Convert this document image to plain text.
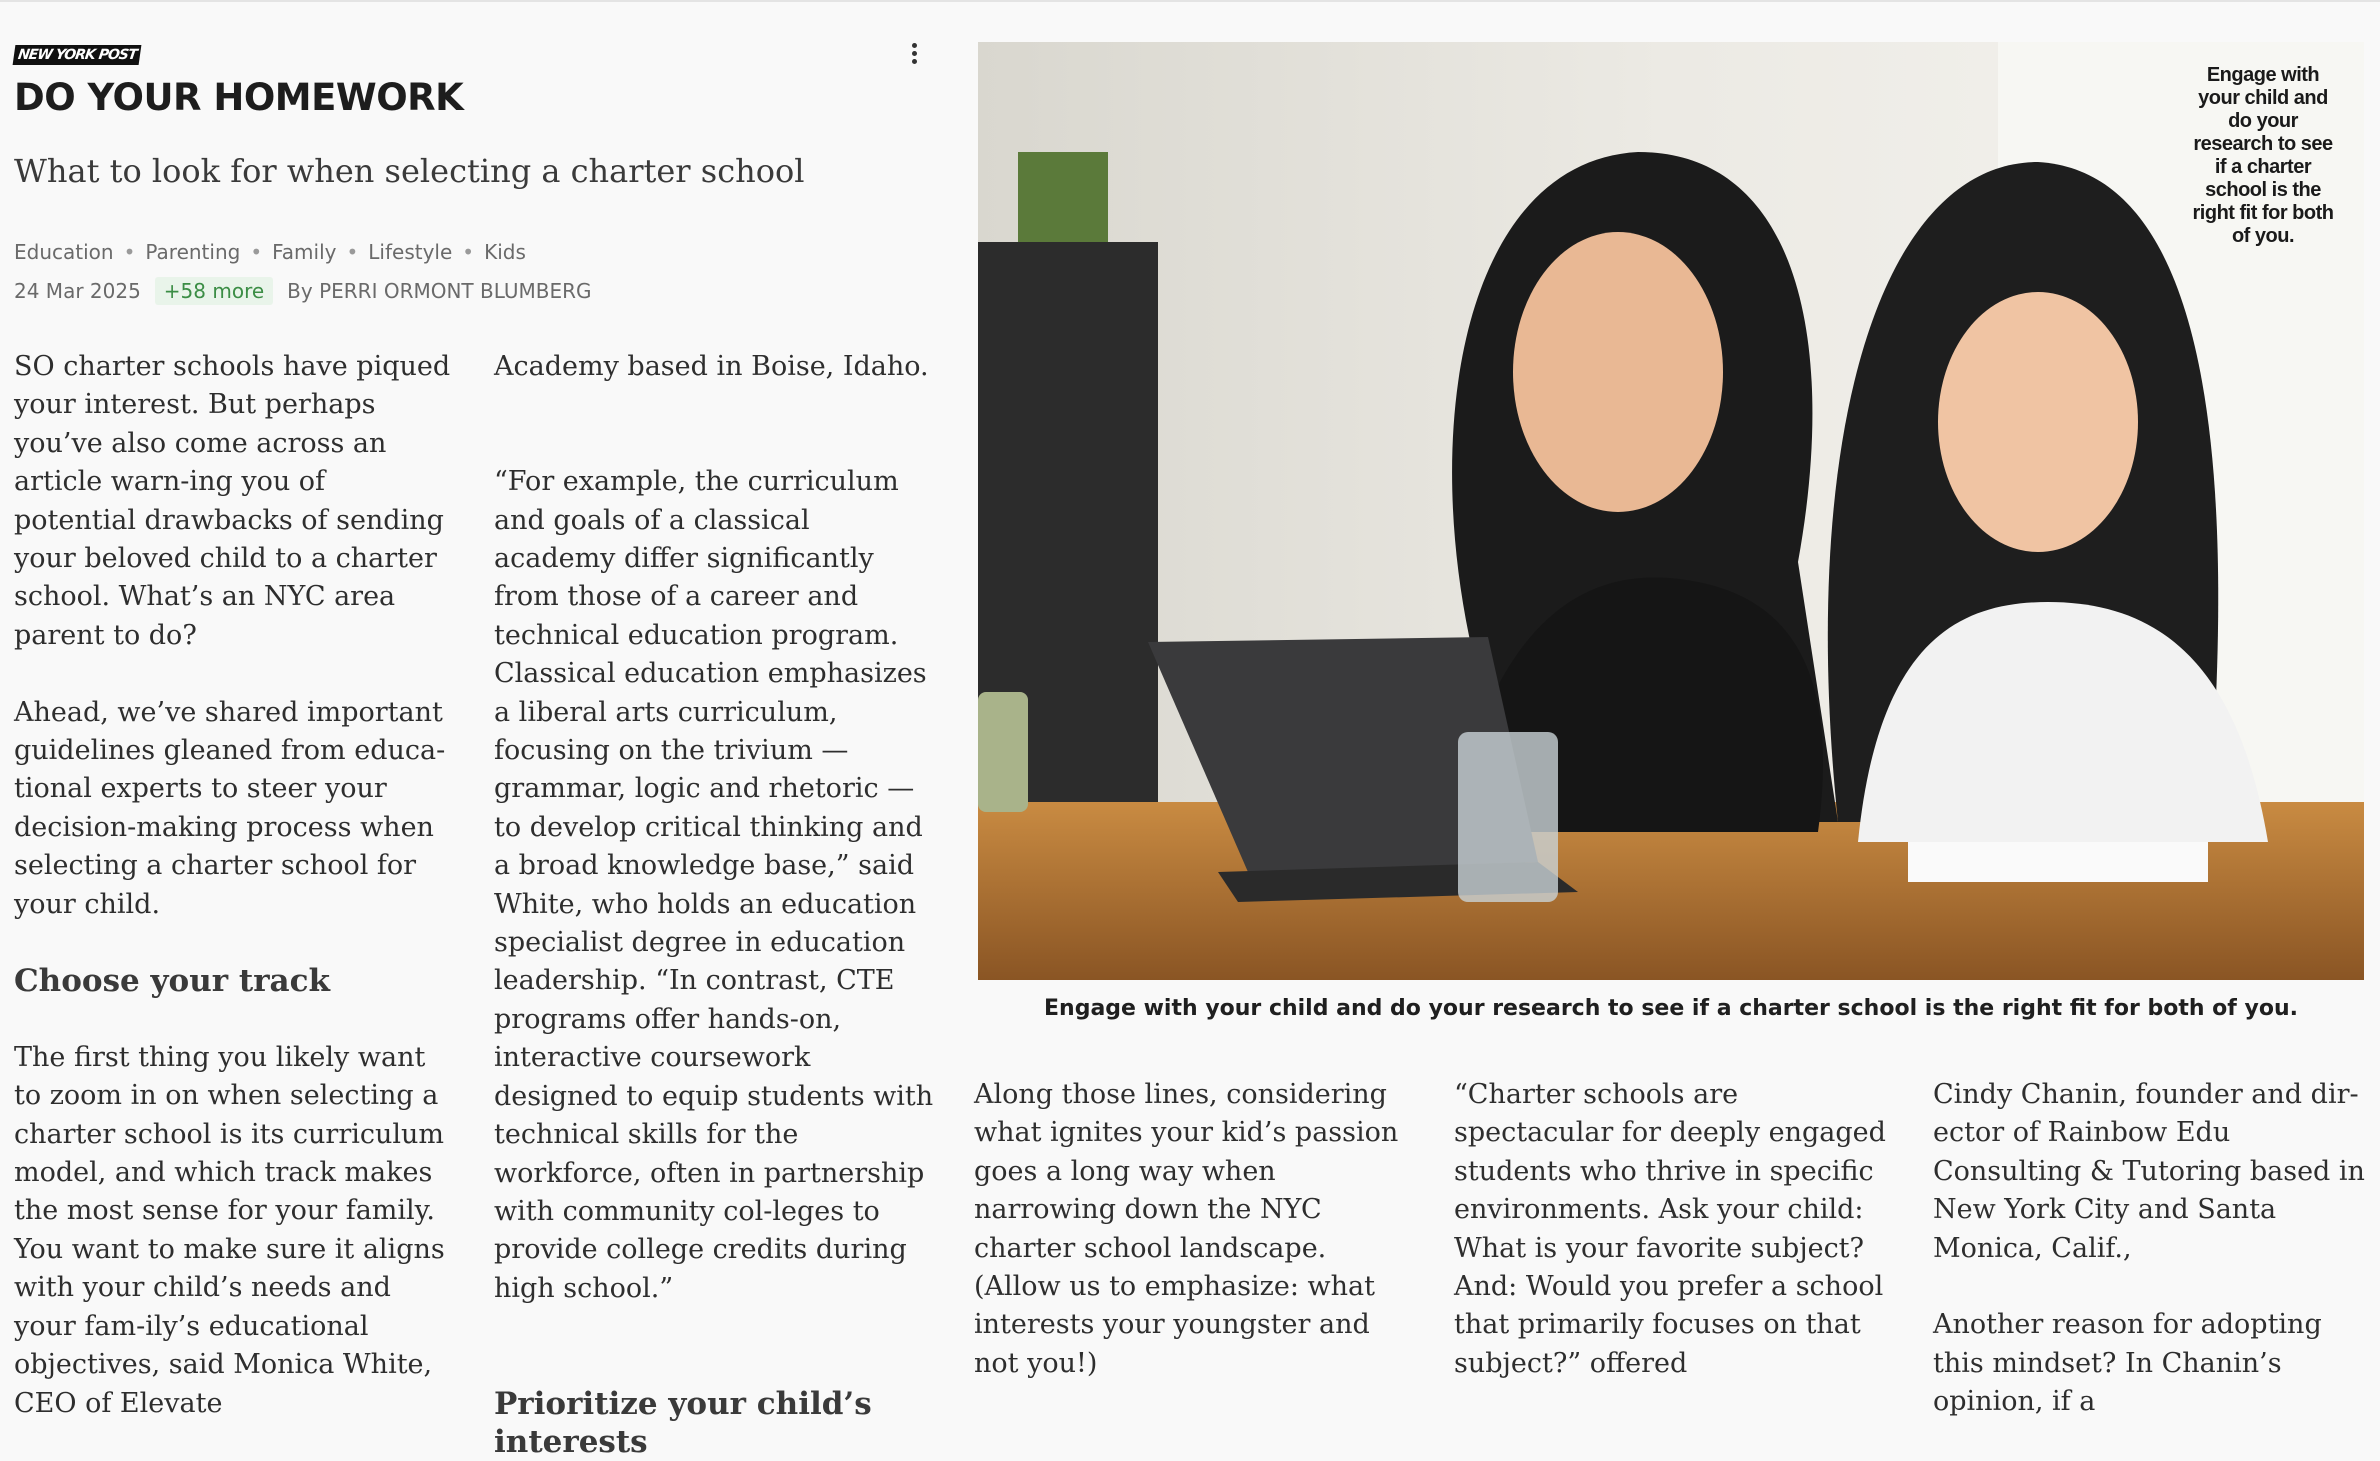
NEW YORK POST
DO YOUR HOMEWORK
What to look for when selecting a charter school
Education • Parenting • Family • Lifestyle • Kids
24 Mar 2025	+58 more	By PERRI ORMONT BLUMBERG

SO charter schools have piqued your interest. But perhaps you’ve also come across an article warn-ing you of potential drawbacks of sending your beloved child to a charter school. What’s an NYC area parent to do?

Ahead, we’ve shared important guidelines gleaned from educa-tional experts to steer your decision-making process when selecting a charter school for your child.

Choose your track

The first thing you likely want to zoom in on when selecting a charter school is its curriculum model, and which track makes the most sense for your family. You want to make sure it aligns with your child’s needs and your fam-ily’s educational objectives, said Monica White, CEO of Elevate

Academy based in Boise, Idaho.

“For example, the curriculum and goals of a classical academy differ significantly from those of a career and technical education program. Classical education emphasizes a liberal arts curriculum, focusing on the trivium — grammar, logic and rhetoric — to develop critical thinking and a broad knowledge base,” said White, who holds an education specialist degree in education leadership. “In contrast, CTE programs offer hands-on, interactive coursework designed to equip students with technical skills for the workforce, often in partnership with community col-leges to provide college credits during high school.”

Prioritize your child’s interests

Engage with your child and do your research to see if a charter school is the right fit for both of you.
Engage with your child and do your research to see if a charter school is the right fit for both of you.

Along those lines, considering what ignites your kid’s passion goes a long way when narrowing down the NYC charter school landscape. (Allow us to emphasize: what interests your youngster and not you!)

“Charter schools are spectacular for deeply engaged students who thrive in specific environments. Ask your child: What is your favorite subject? And: Would you prefer a school that primarily focuses on that subject?” offered

Cindy Chanin, founder and dir-ector of Rainbow Edu Consulting & Tutoring based in New York City and Santa Monica, Calif.,

Another reason for adopting this mindset? In Chanin’s opinion, if a
